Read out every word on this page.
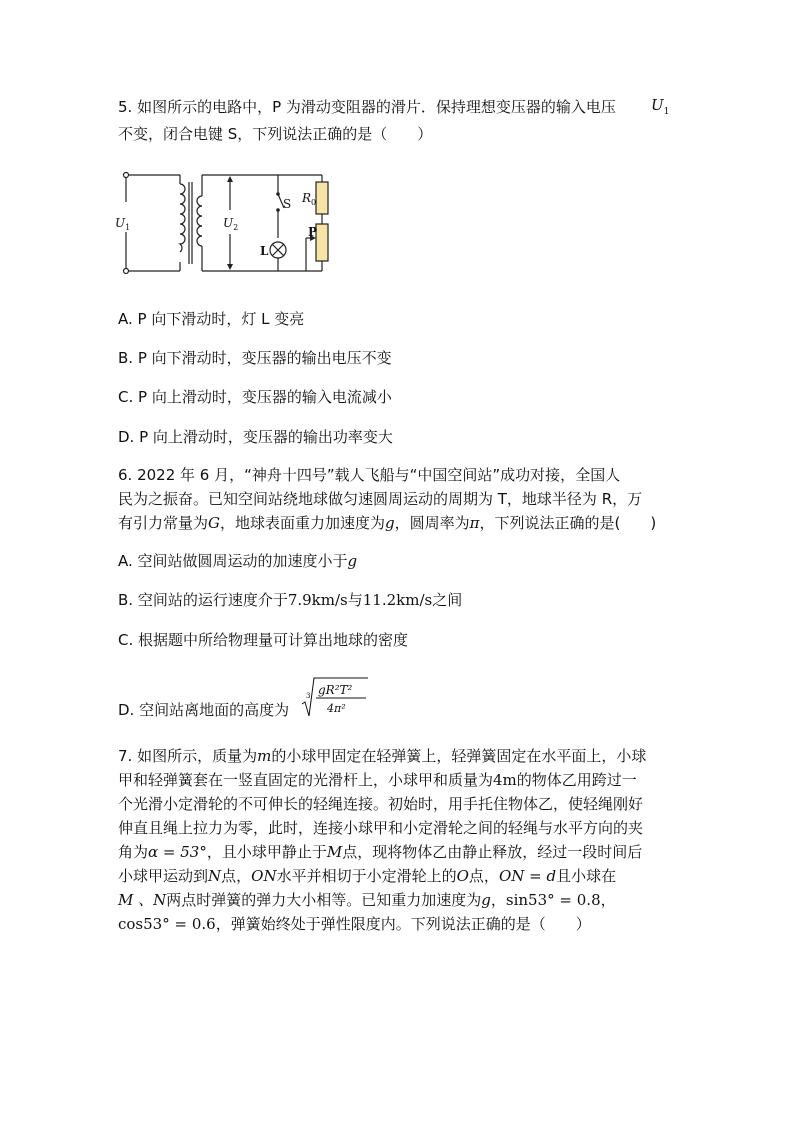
5. 如图所示的电路中，P 为滑动变阻器的滑片．保持理想变压器的输入电压 $U_1$
不变，闭合电键 S，下列说法正确的是（　　）
$U_1$	$U_2$
S
L
$R_0$
P
A. P 向下滑动时，灯 L 变亮
B. P 向下滑动时，变压器的输出电压不变
C. P 向上滑动时，变压器的输入电流减小
D. P 向上滑动时，变压器的输出功率变大
6. 2022 年 6 月，“神舟十四号”载人飞船与“中国空间站”成功对接，全国人
民为之振奋。已知空间站绕地球做匀速圆周运动的周期为 T，地球半径为 R，万
有引力常量为G，地球表面重力加速度为g，圆周率为π，下列说法正确的是(　　)
A. 空间站做圆周运动的加速度小于g
B. 空间站的运行速度介于7.9km/s与11.2km/s之间
C. 根据题中所给物理量可计算出地球的密度
D. 空间站离地面的高度为
3 gR²T²
4π²
7. 如图所示，质量为m的小球甲固定在轻弹簧上，轻弹簧固定在水平面上，小球
甲和轻弹簧套在一竖直固定的光滑杆上，小球甲和质量为4m的物体乙用跨过一
个光滑小定滑轮的不可伸长的轻绳连接。初始时，用手托住物体乙，使轻绳刚好
伸直且绳上拉力为零，此时，连接小球甲和小定滑轮之间的轻绳与水平方向的夹
角为α = 53°，且小球甲静止于M点，现将物体乙由静止释放，经过一段时间后
小球甲运动到N点，ON水平并相切于小定滑轮上的O点，ON = d且小球在
M 、N两点时弹簧的弹力大小相等。已知重力加速度为g，sin53° = 0.8，
cos53° = 0.6，弹簧始终处于弹性限度内。下列说法正确的是（　　）
